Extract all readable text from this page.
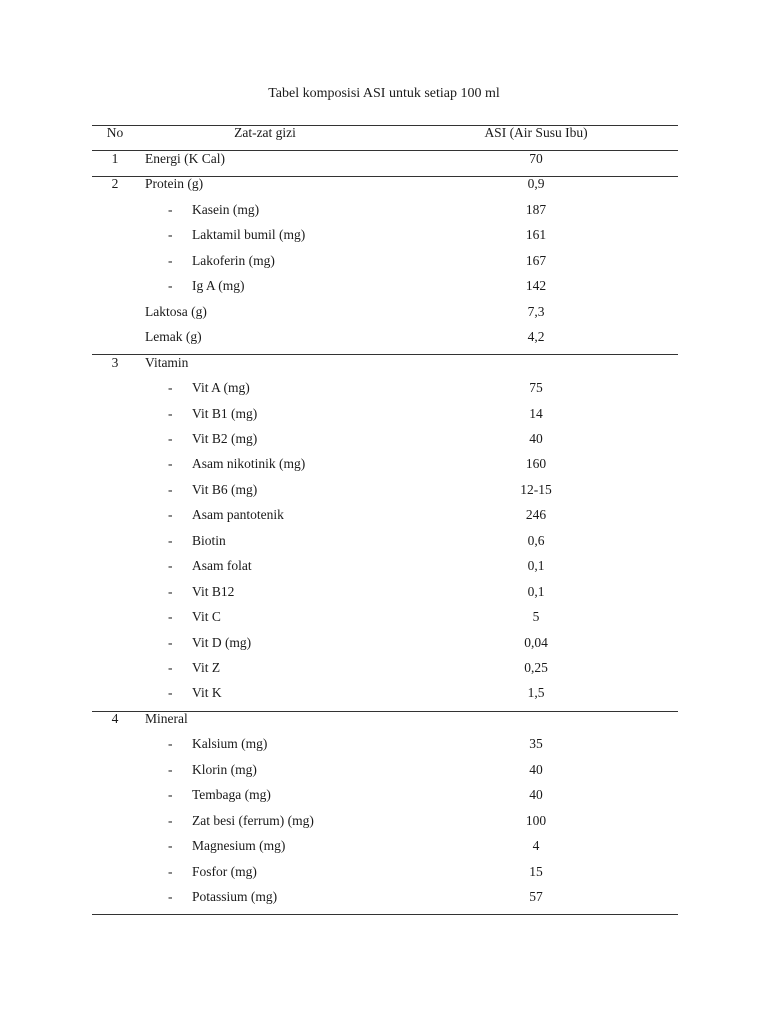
Tabel komposisi ASI untuk setiap 100 ml
No	Zat-zat gizi	ASI (Air Susu Ibu)
1	Energi (K Cal)	70
2	Protein (g)	0,9
- Kasein (mg)	187
- Laktamil bumil (mg)	161
- Lakoferin (mg)	167
- Ig A (mg)	142
Laktosa (g)	7,3
Lemak (g)	4,2
3	Vitamin
- Vit A (mg)	75
- Vit B1 (mg)	14
- Vit B2 (mg)	40
- Asam nikotinik (mg)	160
- Vit B6 (mg)	12-15
- Asam pantotenik	246
- Biotin	0,6
- Asam folat	0,1
- Vit B12	0,1
- Vit C	5
- Vit D (mg)	0,04
- Vit Z	0,25
- Vit K	1,5
4	Mineral
- Kalsium (mg)	35
- Klorin (mg)	40
- Tembaga (mg)	40
- Zat besi (ferrum) (mg)	100
- Magnesium (mg)	4
- Fosfor (mg)	15
- Potassium (mg)	57
